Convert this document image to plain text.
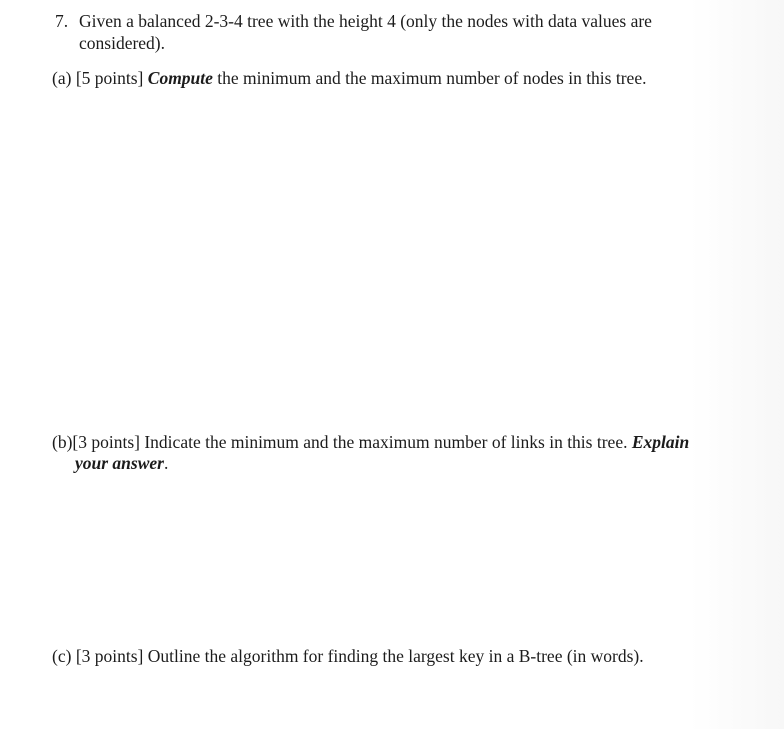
7. Given a balanced 2-3-4 tree with the height 4 (only the nodes with data values are
considered).
(a) [5 points] Compute the minimum and the maximum number of nodes in this tree.
(b)[3 points] Indicate the minimum and the maximum number of links in this tree. Explain
your answer.
(c) [3 points] Outline the algorithm for finding the largest key in a B-tree (in words).
